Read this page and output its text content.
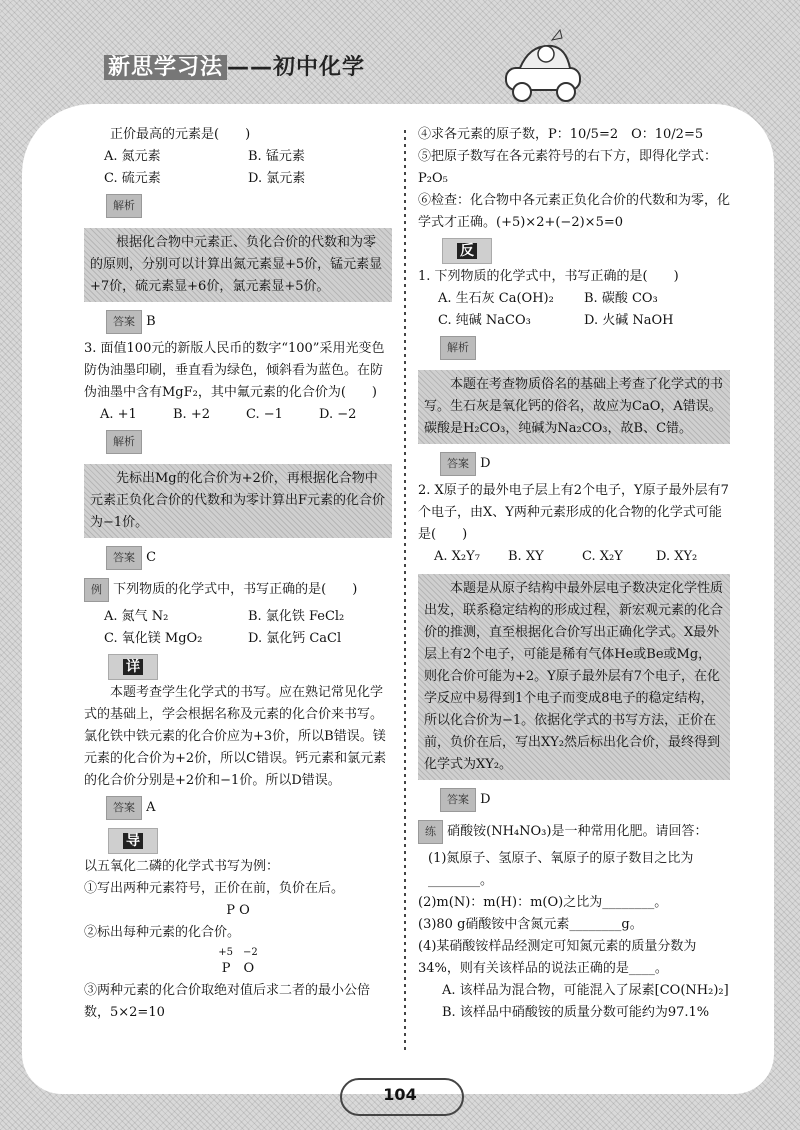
新思学习法 ——初中化学

正价最高的元素是(　　)

A. 氮元素	B. 锰元素
C. 硫元素	D. 氯元素
解析
根据化合物中元素正、负化合价的代数和为零的原则，分别可以计算出氮元素显+5价，锰元素显+7价，硫元素显+6价，氯元素显+5价。
答案 B

3. 面值100元的新版人民币的数字“100”采用光变色防伪油墨印刷，垂直看为绿色，倾斜看为蓝色。在防伪油墨中含有MgF₂，其中氟元素的化合价为(　　)

A. +1	B. +2	C. −1	D. −2
解析
先标出Mg的化合价为+2价，再根据化合物中元素正负化合价的代数和为零计算出F元素的化合价为−1价。
答案 C

例 下列物质的化学式中，书写正确的是(　　)

A. 氮气 N₂	B. 氯化铁 FeCl₂
C. 氧化镁 MgO₂	D. 氯化钙 CaCl
详

本题考查学生化学式的书写。应在熟记常见化学式的基础上，学会根据名称及元素的化合价来书写。氯化铁中铁元素的化合价应为+3价，所以B错误。镁元素的化合价为+2价，所以C错误。钙元素和氯元素的化合价分别是+2价和−1价。所以D错误。

答案 A
导

以五氧化二磷的化学式书写为例：

①写出两种元素符号，正价在前，负价在后。

P O

②标出每种元素的化合价。

+5　−2

P　O

③两种元素的化合价取绝对值后求二者的最小公倍数，5×2=10

④求各元素的原子数，P：10/5=2　O：10/2=5

⑤把原子数写在各元素符号的右下方，即得化学式：P₂O₅

⑥检查：化合物中各元素正负化合价的代数和为零，化学式才正确。(+5)×2+(−2)×5=0

反

1. 下列物质的化学式中，书写正确的是(　　)

A. 生石灰 Ca(OH)₂	B. 碳酸 CO₃
C. 纯碱 NaCO₃	D. 火碱 NaOH
解析
本题在考查物质俗名的基础上考查了化学式的书写。生石灰是氧化钙的俗名，故应为CaO，A错误。碳酸是H₂CO₃，纯碱为Na₂CO₃，故B、C错。
答案 D

2. X原子的最外电子层上有2个电子，Y原子最外层有7个电子，由X、Y两种元素形成的化合物的化学式可能是(　　)

A. X₂Y₇	B. XY	C. X₂Y	D. XY₂
本题是从原子结构中最外层电子数决定化学性质出发，联系稳定结构的形成过程，新宏观元素的化合价的推测，直至根据化合价写出正确化学式。X最外层上有2个电子，可能是稀有气体He或Be或Mg，则化合价可能为+2。Y原子最外层有7个电子，在化学反应中易得到1个电子而变成8电子的稳定结构，所以化合价为−1。依据化学式的书写方法，正价在前，负价在后，写出XY₂然后标出化合价，最终得到化学式为XY₂。
答案 D

练 硝酸铵(NH₄NO₃)是一种常用化肥。请回答：

(1)氮原子、氢原子、氧原子的原子数目之比为________。

(2)m(N)：m(H)：m(O)之比为________。

(3)80 g硝酸铵中含氮元素________g。

(4)某硝酸铵样品经测定可知氮元素的质量分数为34%，则有关该样品的说法正确的是____。

A. 该样品为混合物，可能混入了尿素[CO(NH₂)₂]

B. 该样品中硝酸铵的质量分数可能约为97.1%

104
